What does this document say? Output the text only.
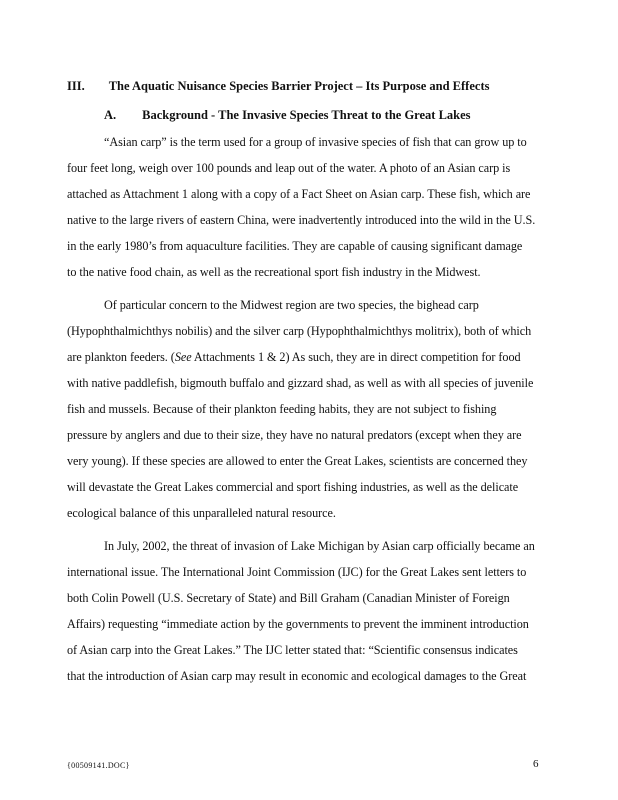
III. The Aquatic Nuisance Species Barrier Project – Its Purpose and Effects
A. Background - The Invasive Species Threat to the Great Lakes
“Asian carp” is the term used for a group of invasive species of fish that can grow up to
four feet long, weigh over 100 pounds and leap out of the water. A photo of an Asian carp is
attached as Attachment 1 along with a copy of a Fact Sheet on Asian carp. These fish, which are
native to the large rivers of eastern China, were inadvertently introduced into the wild in the U.S.
in the early 1980’s from aquaculture facilities. They are capable of causing significant damage
to the native food chain, as well as the recreational sport fish industry in the Midwest.
Of particular concern to the Midwest region are two species, the bighead carp
(Hypophthalmichthys nobilis) and the silver carp (Hypophthalmichthys molitrix), both of which
are plankton feeders. (See Attachments 1 & 2) As such, they are in direct competition for food
with native paddlefish, bigmouth buffalo and gizzard shad, as well as with all species of juvenile
fish and mussels. Because of their plankton feeding habits, they are not subject to fishing
pressure by anglers and due to their size, they have no natural predators (except when they are
very young). If these species are allowed to enter the Great Lakes, scientists are concerned they
will devastate the Great Lakes commercial and sport fishing industries, as well as the delicate
ecological balance of this unparalleled natural resource.
In July, 2002, the threat of invasion of Lake Michigan by Asian carp officially became an
international issue. The International Joint Commission (IJC) for the Great Lakes sent letters to
both Colin Powell (U.S. Secretary of State) and Bill Graham (Canadian Minister of Foreign
Affairs) requesting “immediate action by the governments to prevent the imminent introduction
of Asian carp into the Great Lakes.” The IJC letter stated that: “Scientific consensus indicates
that the introduction of Asian carp may result in economic and ecological damages to the Great
{00509141.DOC}	6
